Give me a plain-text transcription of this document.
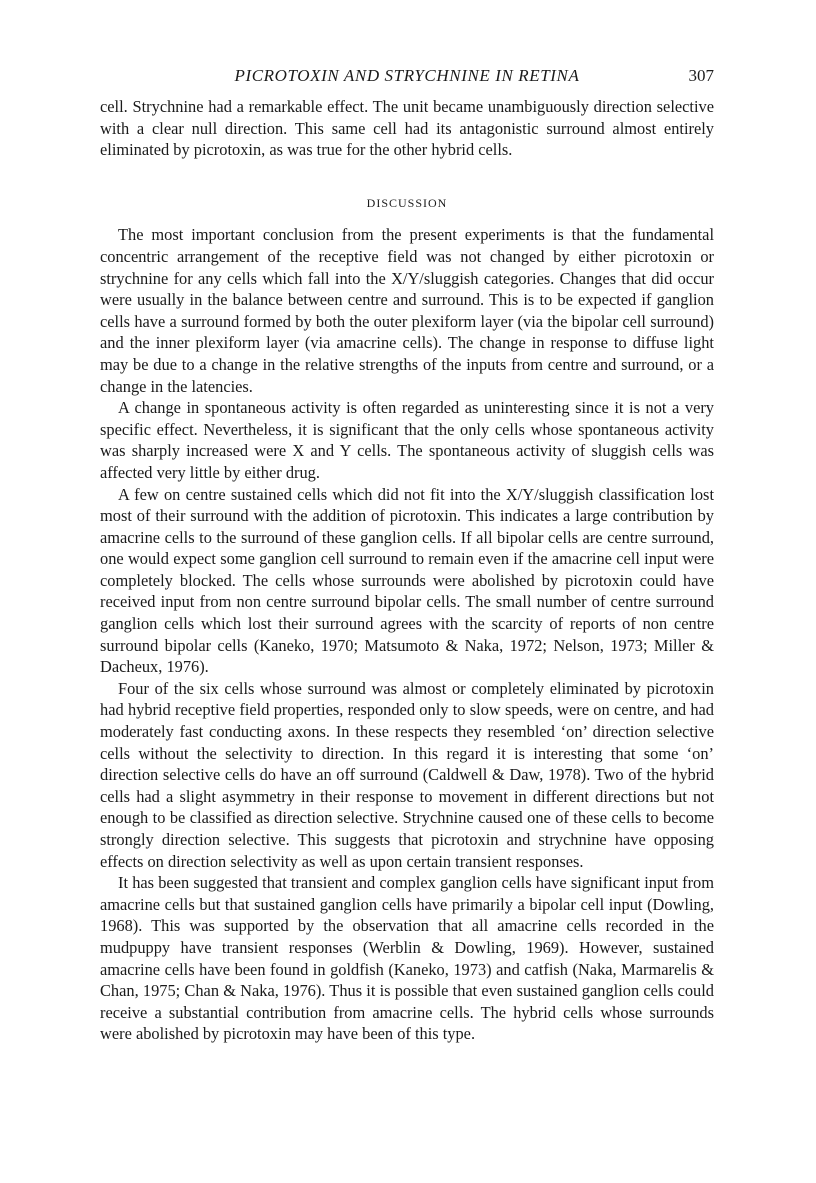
PICROTOXIN AND STRYCHNINE IN RETINA	307

cell. Strychnine had a remarkable effect. The unit became unambiguously direction selective with a clear null direction. This same cell had its antagonistic surround almost entirely eliminated by picrotoxin, as was true for the other hybrid cells.

DISCUSSION

The most important conclusion from the present experiments is that the fundamental concentric arrangement of the receptive field was not changed by either picrotoxin or strychnine for any cells which fall into the X/Y/sluggish categories. Changes that did occur were usually in the balance between centre and surround. This is to be expected if ganglion cells have a surround formed by both the outer plexiform layer (via the bipolar cell surround) and the inner plexiform layer (via amacrine cells). The change in response to diffuse light may be due to a change in the relative strengths of the inputs from centre and surround, or a change in the latencies.

A change in spontaneous activity is often regarded as uninteresting since it is not a very specific effect. Nevertheless, it is significant that the only cells whose spontaneous activity was sharply increased were X and Y cells. The spontaneous activity of sluggish cells was affected very little by either drug.

A few on centre sustained cells which did not fit into the X/Y/sluggish classification lost most of their surround with the addition of picrotoxin. This indicates a large contribution by amacrine cells to the surround of these ganglion cells. If all bipolar cells are centre surround, one would expect some ganglion cell surround to remain even if the amacrine cell input were completely blocked. The cells whose surrounds were abolished by picrotoxin could have received input from non centre surround bipolar cells. The small number of centre surround ganglion cells which lost their surround agrees with the scarcity of reports of non centre surround bipolar cells (Kaneko, 1970; Matsumoto & Naka, 1972; Nelson, 1973; Miller & Dacheux, 1976).

Four of the six cells whose surround was almost or completely eliminated by picrotoxin had hybrid receptive field properties, responded only to slow speeds, were on centre, and had moderately fast conducting axons. In these respects they resembled ‘on’ direction selective cells without the selectivity to direction. In this regard it is interesting that some ‘on’ direction selective cells do have an off surround (Caldwell & Daw, 1978). Two of the hybrid cells had a slight asymmetry in their response to movement in different directions but not enough to be classified as direction selective. Strychnine caused one of these cells to become strongly direction selective. This suggests that picrotoxin and strychnine have opposing effects on direction selectivity as well as upon certain transient responses.

It has been suggested that transient and complex ganglion cells have significant input from amacrine cells but that sustained ganglion cells have primarily a bipolar cell input (Dowling, 1968). This was supported by the observation that all amacrine cells recorded in the mudpuppy have transient responses (Werblin & Dowling, 1969). However, sustained amacrine cells have been found in goldfish (Kaneko, 1973) and catfish (Naka, Marmarelis & Chan, 1975; Chan & Naka, 1976). Thus it is possible that even sustained ganglion cells could receive a substantial contribution from amacrine cells. The hybrid cells whose surrounds were abolished by picrotoxin may have been of this type.
